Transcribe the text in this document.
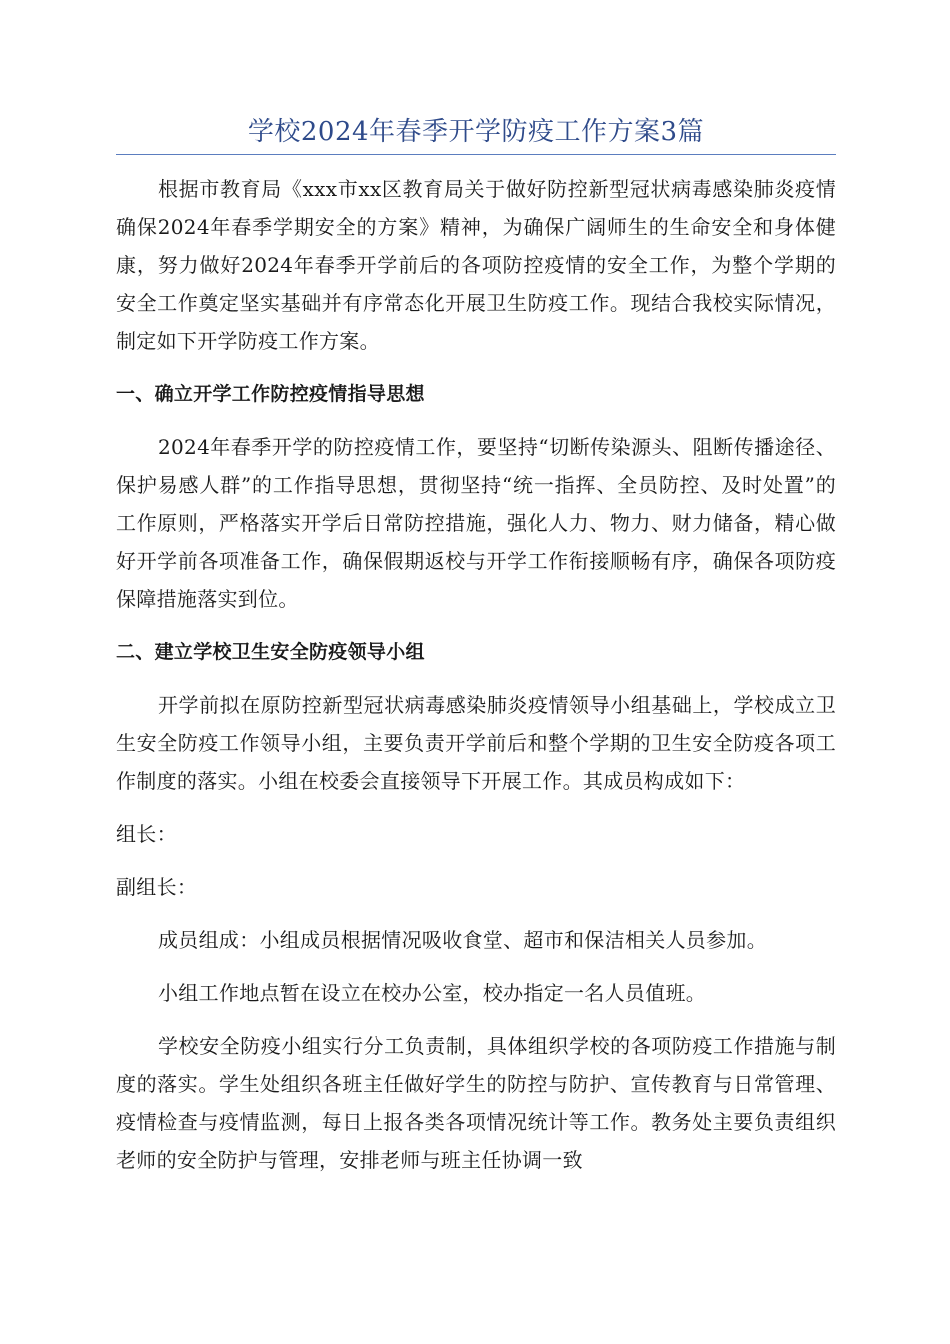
学校2024年春季开学防疫工作方案3篇

根据市教育局《xxx市xx区教育局关于做好防控新型冠状病毒感染肺炎疫情确保2024年春季学期安全的方案》精神，为确保广阔师生的生命安全和身体健康，努力做好2024年春季开学前后的各项防控疫情的安全工作，为整个学期的安全工作奠定坚实基础并有序常态化开展卫生防疫工作。现结合我校实际情况，制定如下开学防疫工作方案。

一、确立开学工作防控疫情指导思想

2024年春季开学的防控疫情工作，要坚持“切断传染源头、阻断传播途径、保护易感人群”的工作指导思想，贯彻坚持“统一指挥、全员防控、及时处置”的工作原则，严格落实开学后日常防控措施，强化人力、物力、财力储备，精心做好开学前各项准备工作，确保假期返校与开学工作衔接顺畅有序，确保各项防疫保障措施落实到位。

二、建立学校卫生安全防疫领导小组

开学前拟在原防控新型冠状病毒感染肺炎疫情领导小组基础上，学校成立卫生安全防疫工作领导小组，主要负责开学前后和整个学期的卫生安全防疫各项工作制度的落实。小组在校委会直接领导下开展工作。其成员构成如下：

组长：

副组长：

成员组成：小组成员根据情况吸收食堂、超市和保洁相关人员参加。

小组工作地点暂在设立在校办公室，校办指定一名人员值班。

学校安全防疫小组实行分工负责制，具体组织学校的各项防疫工作措施与制度的落实。学生处组织各班主任做好学生的防控与防护、宣传教育与日常管理、疫情检查与疫情监测，每日上报各类各项情况统计等工作。教务处主要负责组织老师的安全防护与管理，安排老师与班主任协调一致
